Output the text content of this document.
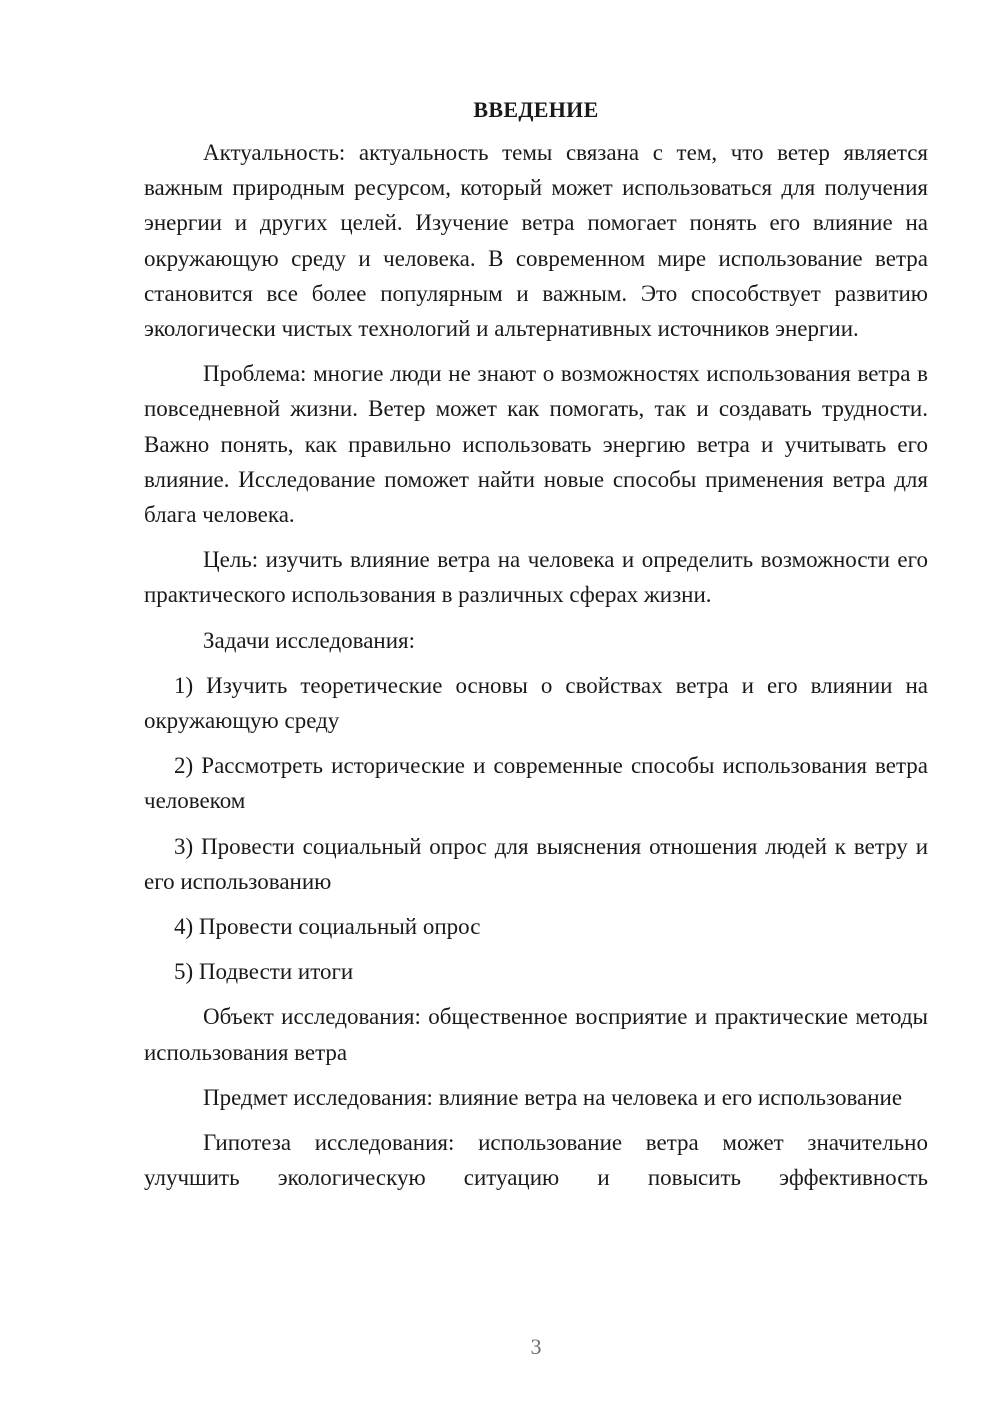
ВВЕДЕНИЕ

Актуальность: актуальность темы связана с тем, что ветер является важным природным ресурсом, который может использоваться для получения энергии и других целей. Изучение ветра помогает понять его влияние на окружающую среду и человека. В современном мире использование ветра становится все более популярным и важным. Это способствует развитию экологически чистых технологий и альтернативных источников энергии.

Проблема: многие люди не знают о возможностях использования ветра в повседневной жизни. Ветер может как помогать, так и создавать трудности. Важно понять, как правильно использовать энергию ветра и учитывать его влияние. Исследование поможет найти новые способы применения ветра для блага человека.

Цель: изучить влияние ветра на человека и определить возможности его практического использования в различных сферах жизни.

Задачи исследования:

1) Изучить теоретические основы о свойствах ветра и его влиянии на окружающую среду

2) Рассмотреть исторические и современные способы использования ветра человеком

3) Провести социальный опрос для выяснения отношения людей к ветру и его использованию

4) Провести социальный опрос

5) Подвести итоги

Объект исследования: общественное восприятие и практические методы использования ветра

Предмет исследования: влияние ветра на человека и его использование

Гипотеза исследования: использование ветра может значительно улучшить экологическую ситуацию и повысить эффективность

3
